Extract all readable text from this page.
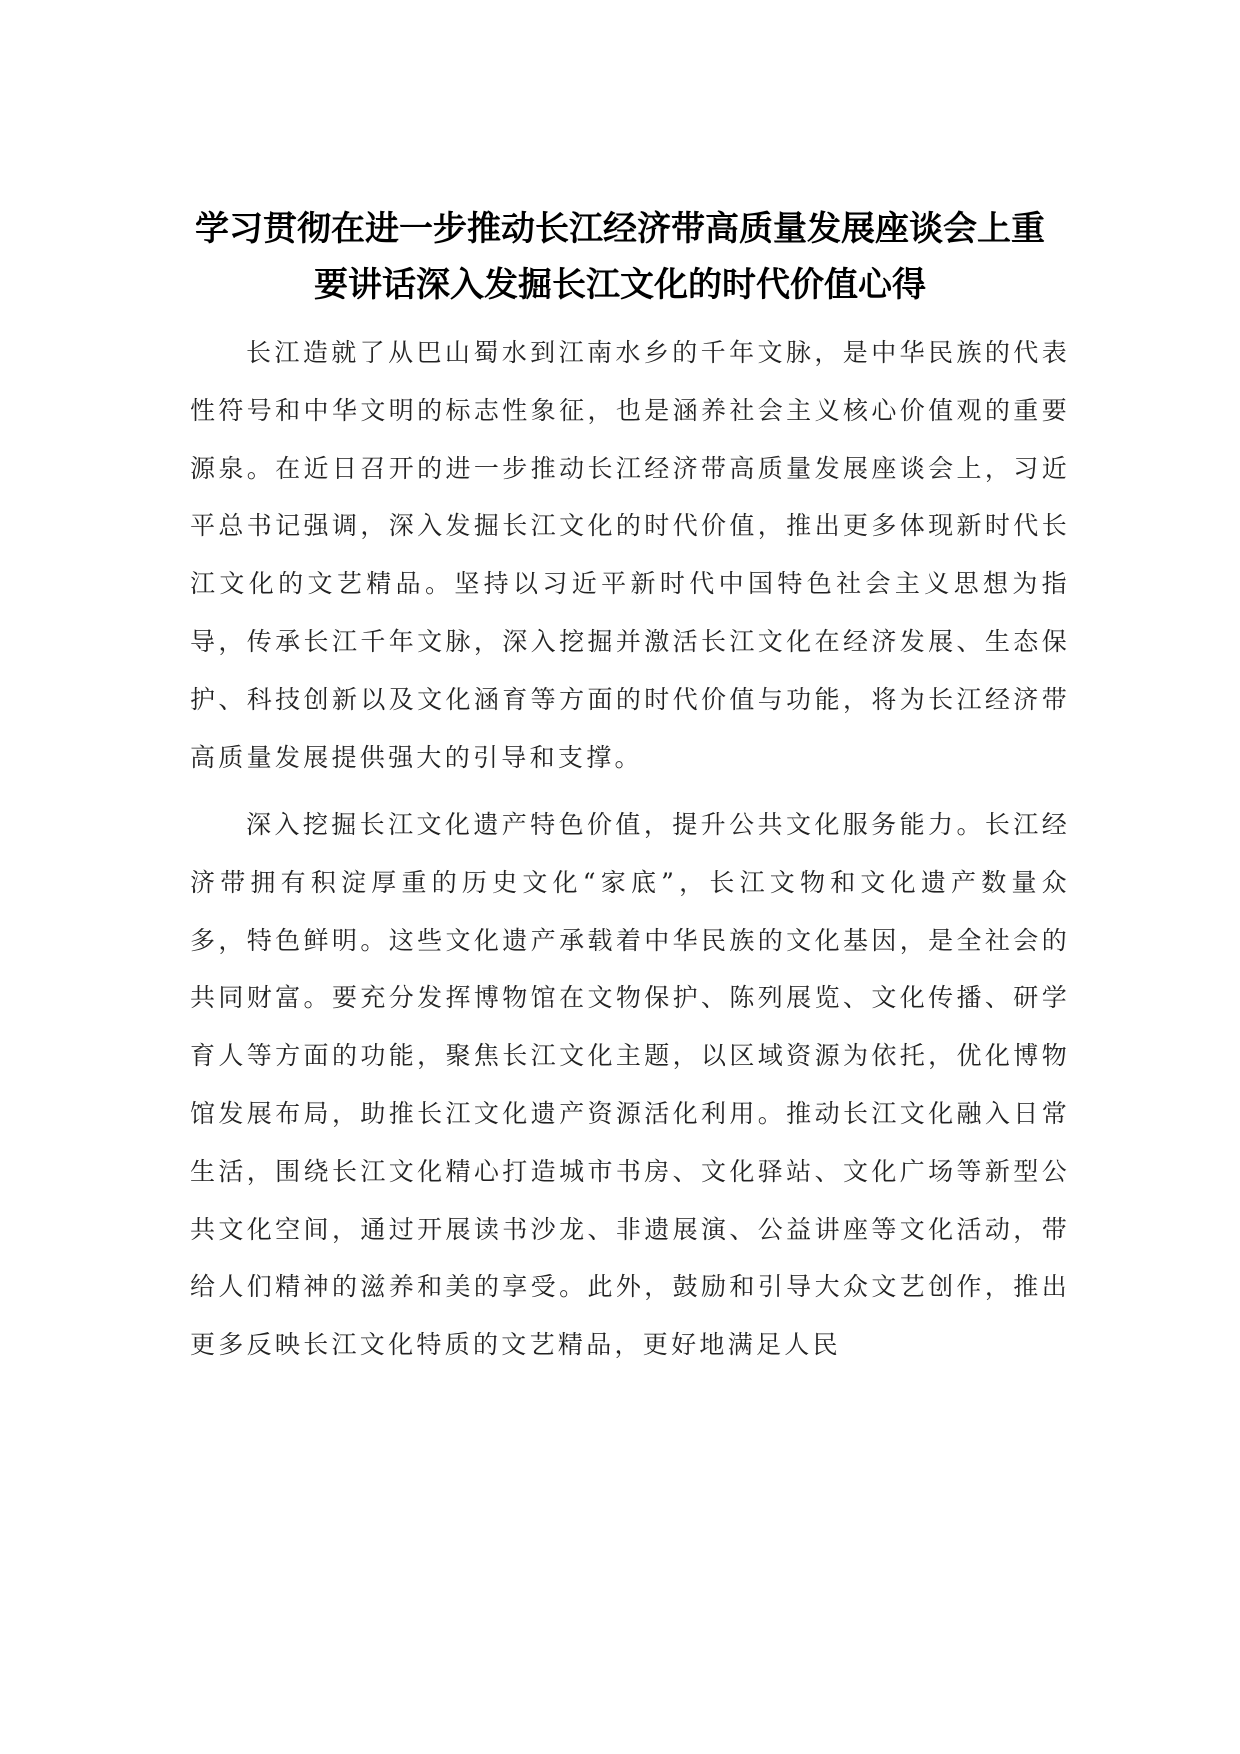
学习贯彻在进一步推动长江经济带高质量发展座谈会上重
要讲话深入发掘长江文化的时代价值心得

长江造就了从巴山蜀水到江南水乡的千年文脉，是中华民族的代表性符号和中华文明的标志性象征，也是涵养社会主义核心价值观的重要源泉。在近日召开的进一步推动长江经济带高质量发展座谈会上，习近平总书记强调，深入发掘长江文化的时代价值，推出更多体现新时代长江文化的文艺精品。坚持以习近平新时代中国特色社会主义思想为指导，传承长江千年文脉，深入挖掘并激活长江文化在经济发展、生态保护、科技创新以及文化涵育等方面的时代价值与功能，将为长江经济带高质量发展提供强大的引导和支撑。

深入挖掘长江文化遗产特色价值，提升公共文化服务能力。长江经济带拥有积淀厚重的历史文化“家底”，长江文物和文化遗产数量众多，特色鲜明。这些文化遗产承载着中华民族的文化基因，是全社会的共同财富。要充分发挥博物馆在文物保护、陈列展览、文化传播、研学育人等方面的功能，聚焦长江文化主题，以区域资源为依托，优化博物馆发展布局，助推长江文化遗产资源活化利用。推动长江文化融入日常生活，围绕长江文化精心打造城市书房、文化驿站、文化广场等新型公共文化空间，通过开展读书沙龙、非遗展演、公益讲座等文化活动，带给人们精神的滋养和美的享受。此外，鼓励和引导大众文艺创作，推出更多反映长江文化特质的文艺精品，更好地满足人民
